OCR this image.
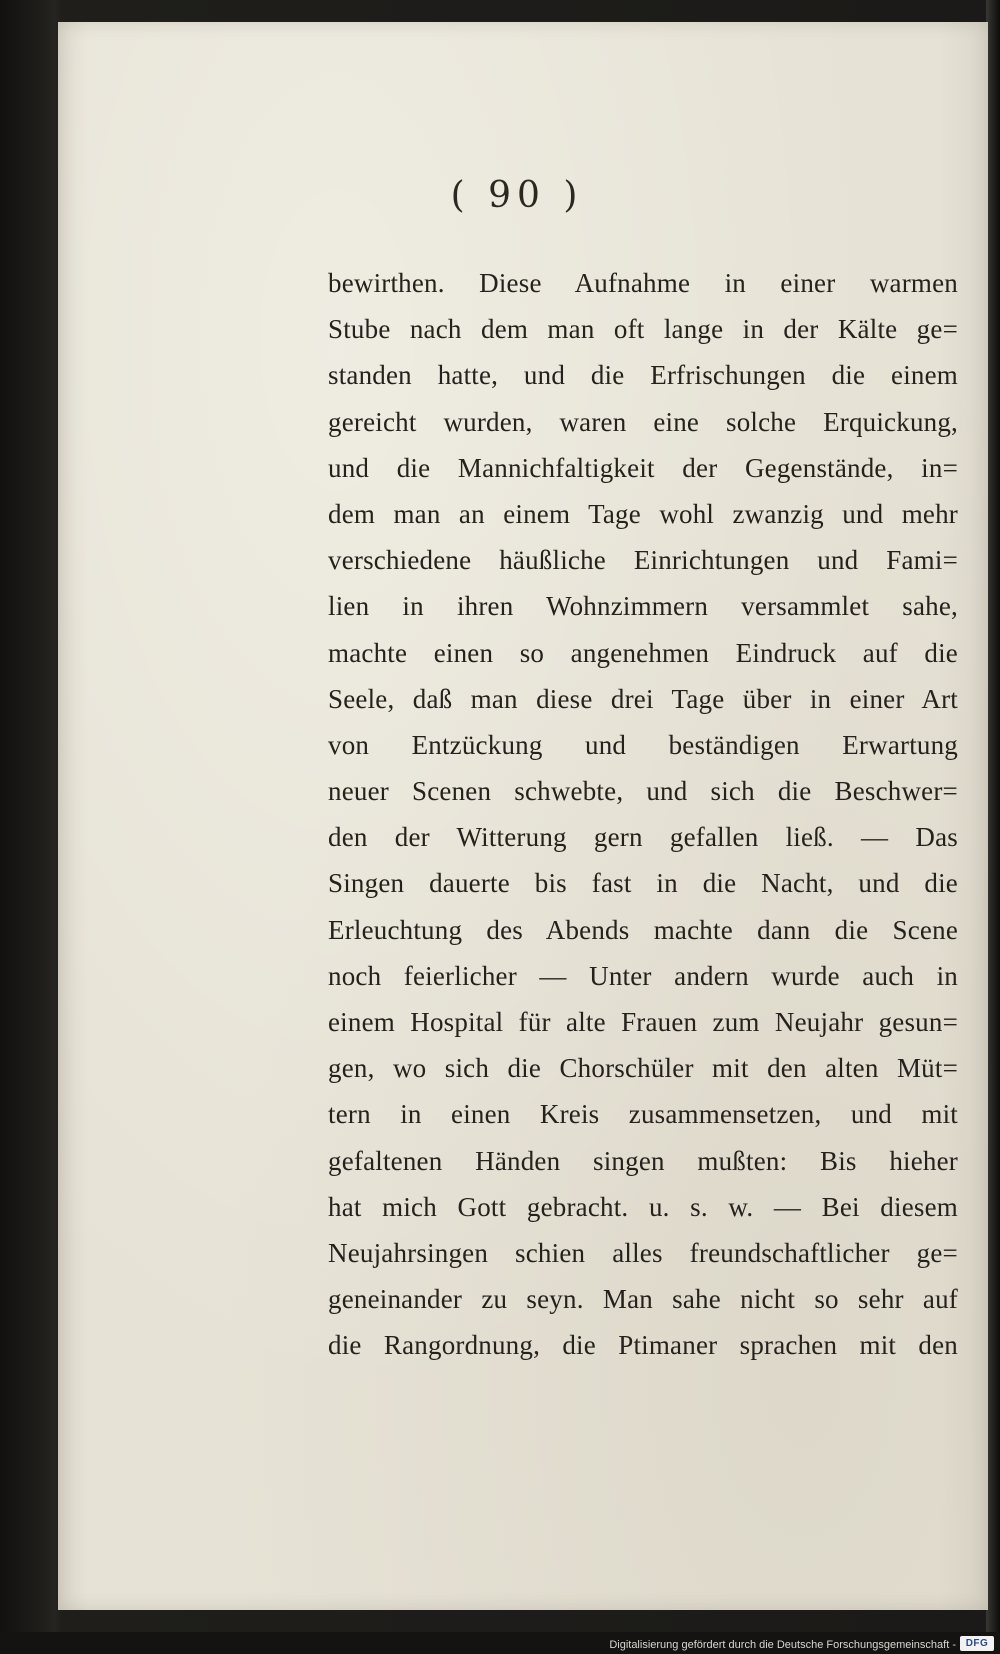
( 90 )
bewirthen. Diese Aufnahme in einer warmen
Stube nach dem man oft lange in der Kälte ge=
standen hatte, und die Erfrischungen die einem
gereicht wurden, waren eine solche Erquickung,
und die Mannichfaltigkeit der Gegenstände, in=
dem man an einem Tage wohl zwanzig und mehr
verschiedene häußliche Einrichtungen und Fami=
lien in ihren Wohnzimmern versammlet sahe,
machte einen so angenehmen Eindruck auf die
Seele, daß man diese drei Tage über in einer Art
von Entzückung und beständigen Erwartung
neuer Scenen schwebte, und sich die Beschwer=
den der Witterung gern gefallen ließ. — Das
Singen dauerte bis fast in die Nacht, und die
Erleuchtung des Abends machte dann die Scene
noch feierlicher — Unter andern wurde auch in
einem Hospital für alte Frauen zum Neujahr gesun=
gen, wo sich die Chorschüler mit den alten Müt=
tern in einen Kreis zusammensetzen, und mit
gefaltenen Händen singen mußten: Bis hieher
hat mich Gott gebracht. u. s. w. — Bei diesem
Neujahrsingen schien alles freundschaftlicher ge=
geneinander zu seyn. Man sahe nicht so sehr auf
die Rangordnung, die Ptimaner sprachen mit den
Digitalisierung gefördert durch die Deutsche Forschungsgemeinschaft - DFG
